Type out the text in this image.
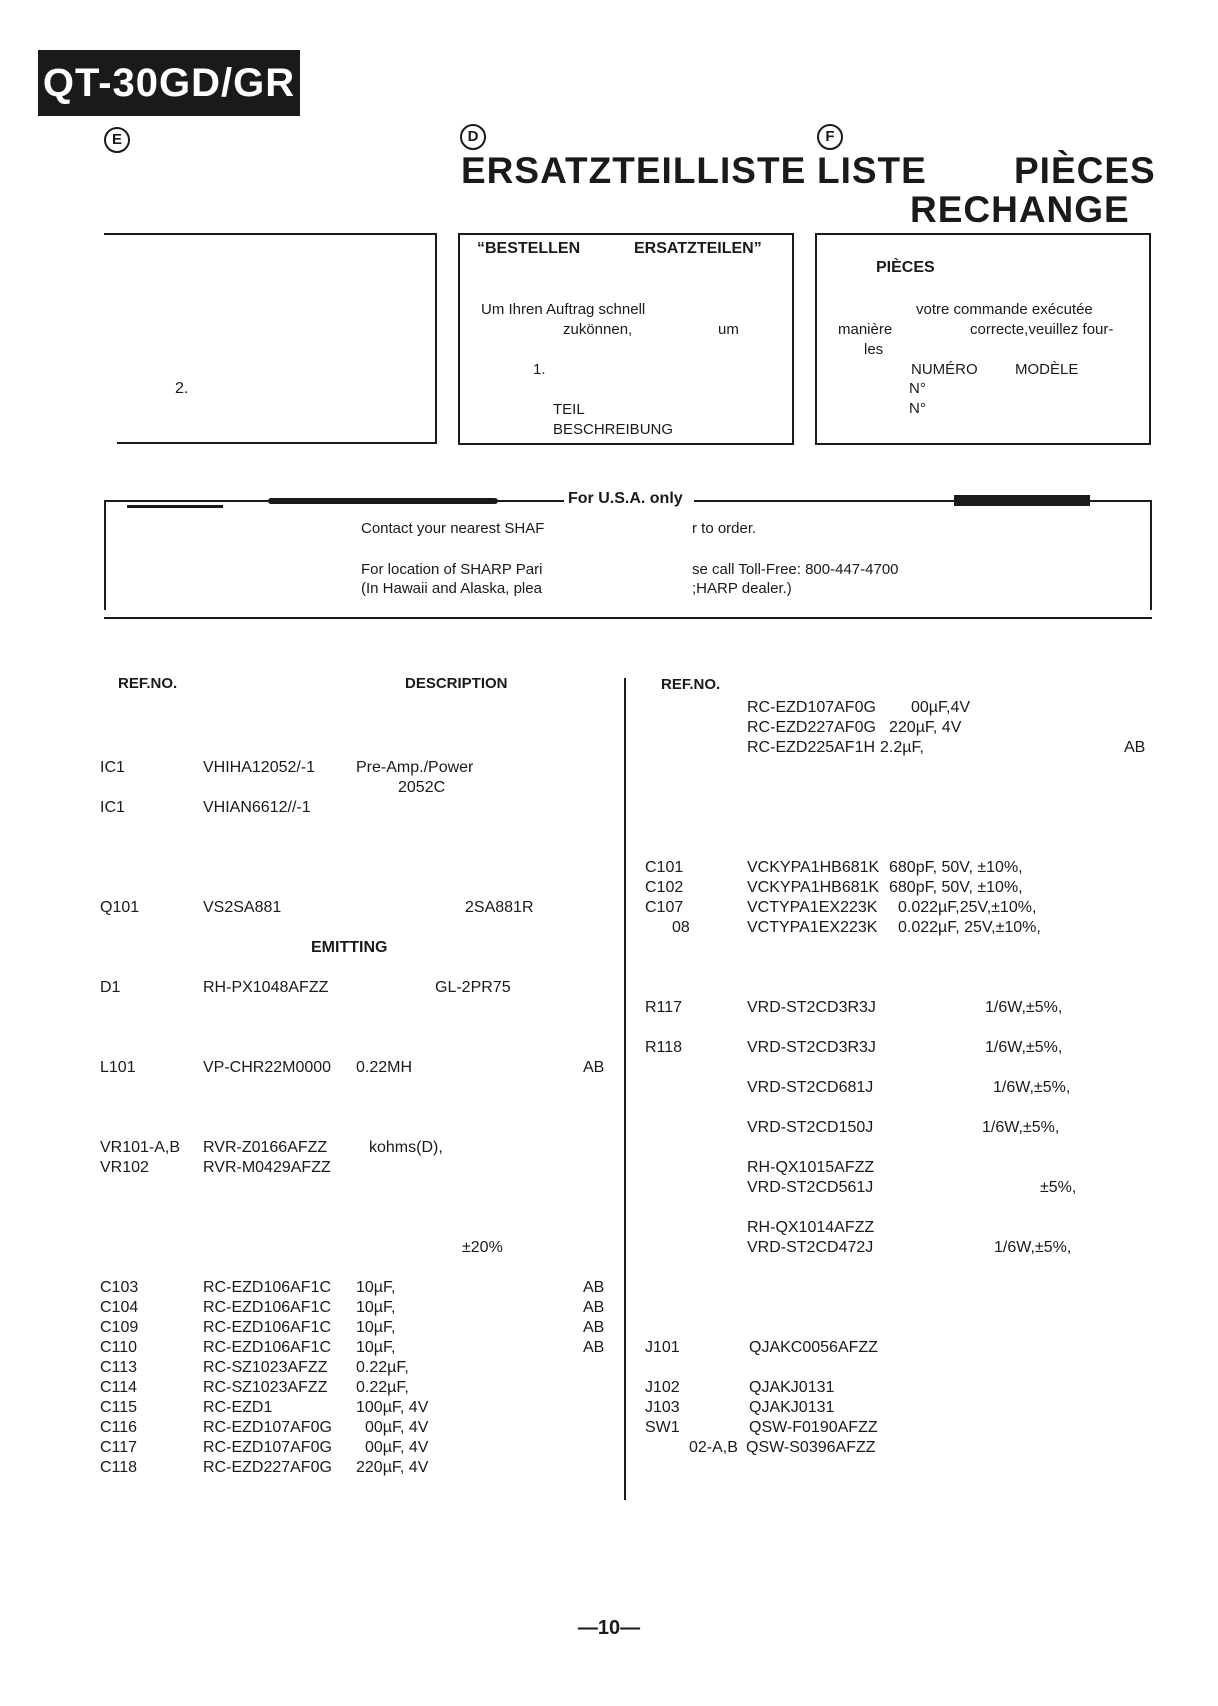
QT-30GD/GR
E	D	F
ERSATZTEILLISTE LISTE PIÈCES
RECHANGE
2.
“BESTELLEN	ERSATZTEILEN”
Um Ihren Auftrag schnell
zukönnen,	um
1.
TEIL
BESCHREIBUNG
PIÈCES
votre commande exécutée
manière	correcte,veuillez four-
les
NUMÉRO MODÈLE
N°
N°
For U.S.A. only
Contact your nearest SHAF	r to order.
For location of SHARP Pari	se call Toll-Free: 800-447-4700
(In Hawaii and Alaska, plea	;HARP dealer.)
REF.NO.	DESCRIPTION	REF.NO.
EMITTING
IC1	VHIHA12052/-1	Pre-Amp./Power
2052C
IC1	VHIAN6612//-1
Q101	VS2SA881	2SA881R
D1	RH-PX1048AFZZ	GL-2PR75
L101	VP-CHR22M0000 0.22MH	AB
VR101-A,B RVR-Z0166AFZZ	kohms(D),
VR102	RVR-M0429AFZZ
±20%
C103	RC-EZD106AF1C 10µF,	AB
C104	RC-EZD106AF1C 10µF,	AB
C109	RC-EZD106AF1C 10µF,	AB
C110	RC-EZD106AF1C 10µF,	AB
C113	RC-SZ1023AFZZ 0.22µF,
C114	RC-SZ1023AFZZ 0.22µF,
C115	RC-EZD1	100µF, 4V
C116	RC-EZD107AF0G 00µF, 4V
C117	RC-EZD107AF0G 00µF, 4V
C118	RC-EZD227AF0G 220µF, 4V
RC-EZD107AF0G 00µF,4V
RC-EZD227AF0G 220µF, 4V
RC-EZD225AF1H 2.2µF,	AB
C101	VCKYPA1HB681K 680pF, 50V, ±10%,
C102	VCKYPA1HB681K 680pF, 50V, ±10%,
C107	VCTYPA1EX223K 0.022µF,25V,±10%,
08	VCTYPA1EX223K 0.022µF, 25V,±10%,
R117	VRD-ST2CD3R3J	1/6W,±5%,
R118	VRD-ST2CD3R3J	1/6W,±5%,
VRD-ST2CD681J	1/6W,±5%,
VRD-ST2CD150J	1/6W,±5%,
RH-QX1015AFZZ
VRD-ST2CD561J	±5%,
RH-QX1014AFZZ
VRD-ST2CD472J	1/6W,±5%,
J101	QJAKC0056AFZZ
J102	QJAKJ0131
J103	QJAKJ0131
SW1	QSW-F0190AFZZ
02-A,B QSW-S0396AFZZ
—10—
